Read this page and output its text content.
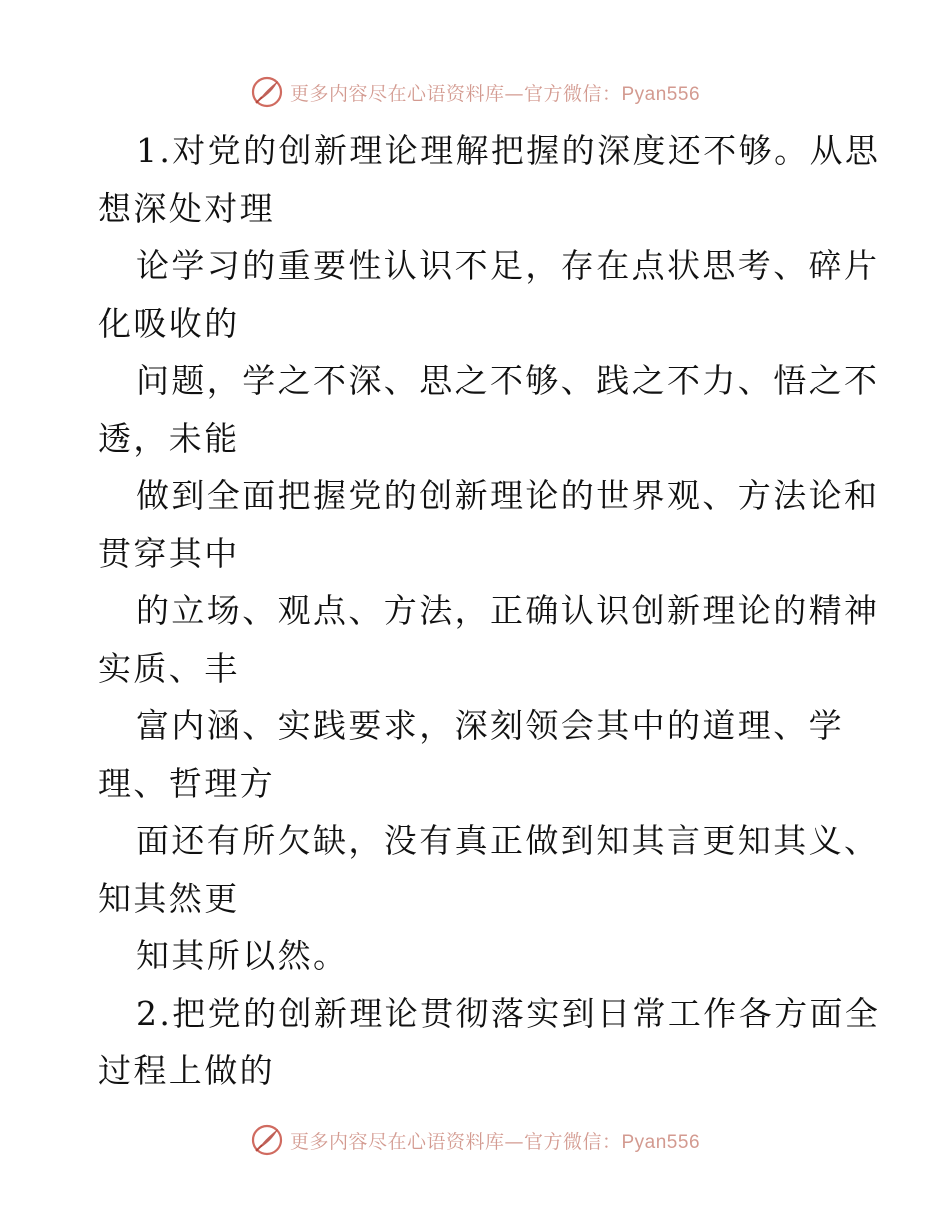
更多内容尽在心语资料库—官方微信：Pyan556

1.对党的创新理论理解把握的深度还不够。从思

想深处对理

论学习的重要性认识不足，存在点状思考、碎片

化吸收的

问题，学之不深、思之不够、践之不力、悟之不

透，未能

做到全面把握党的创新理论的世界观、方法论和

贯穿其中

的立场、观点、方法，正确认识创新理论的精神

实质、丰

富内涵、实践要求，深刻领会其中的道理、学

理、哲理方

面还有所欠缺，没有真正做到知其言更知其义、

知其然更

知其所以然。

2.把党的创新理论贯彻落实到日常工作各方面全

过程上做的

更多内容尽在心语资料库—官方微信：Pyan556
